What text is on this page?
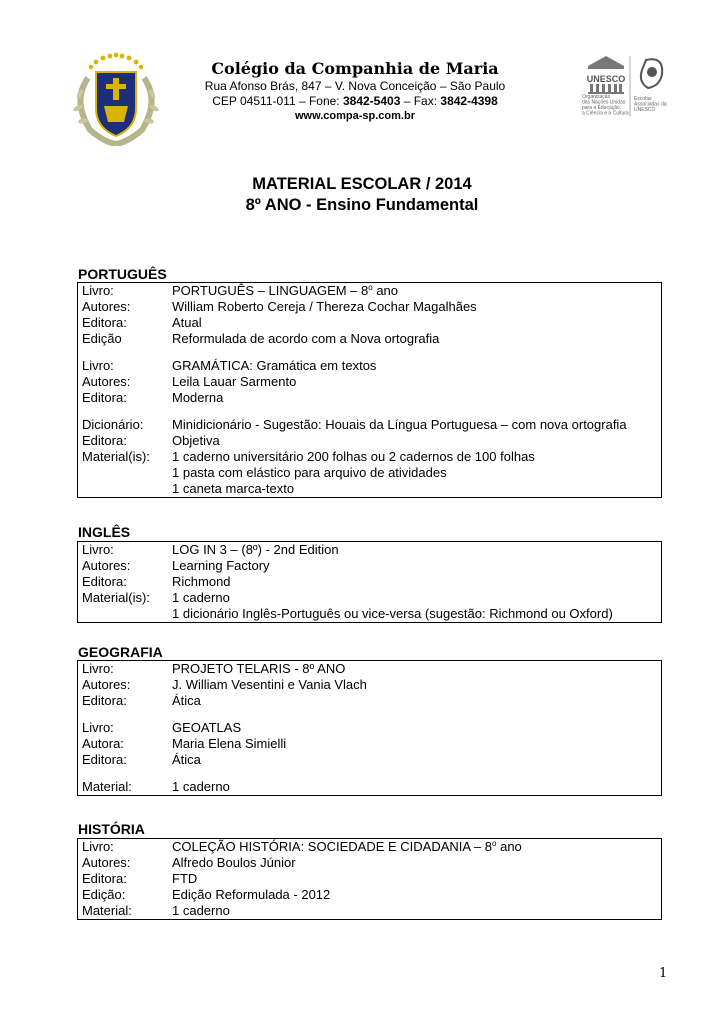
Colégio da Companhia de Maria
Rua Afonso Brás, 847 – V. Nova Conceição – São Paulo
CEP 04511-011 – Fone: 3842-5403 – Fax: 3842-4398
www.compa-sp.com.br
UNESCO
Organização das Nações Unidas para a Educação, a Ciência e a Cultura
Escolas Associadas da UNESCO
MATERIAL ESCOLAR / 2014
8º ANO - Ensino Fundamental
PORTUGUÊS
Livro:	PORTUGUÊS – LINGUAGEM – 8$^o$ ano
Autores:	William Roberto Cereja / Thereza Cochar Magalhães
Editora:	Atual
Edição	Reformulada de acordo com a Nova ortografia
Livro:	GRAMÁTICA: Gramática em textos
Autores:	Leila Lauar Sarmento
Editora:	Moderna
Dicionário: Minidicionário - Sugestão: Houais da Língua Portuguesa – com nova ortografia
Editora:	Objetiva
Material(is): 1 caderno universitário 200 folhas ou 2 cadernos de 100 folhas
1 pasta com elástico para arquivo de atividades
1 caneta marca-texto
INGLÊS
Livro:	LOG IN 3 – (8º) - 2nd Edition
Autores:	Learning Factory
Editora:	Richmond
Material(is): 1 caderno
1 dicionário Inglês-Português ou vice-versa (sugestão: Richmond ou Oxford)
GEOGRAFIA
Livro:	PROJETO TELARIS - 8º ANO
Autores:	J. William Vesentini e Vania Vlach
Editora:	Ática
Livro:	GEOATLAS
Autora:	Maria Elena Simielli
Editora:	Ática
Material:	1 caderno
HISTÓRIA
Livro:	COLEÇÃO HISTÓRIA: SOCIEDADE E CIDADANIA – 8$^o$ ano
Autores:	Alfredo Boulos Júnior
Editora:	FTD
Edição:	Edição Reformulada - 2012
Material:	1 caderno
1
